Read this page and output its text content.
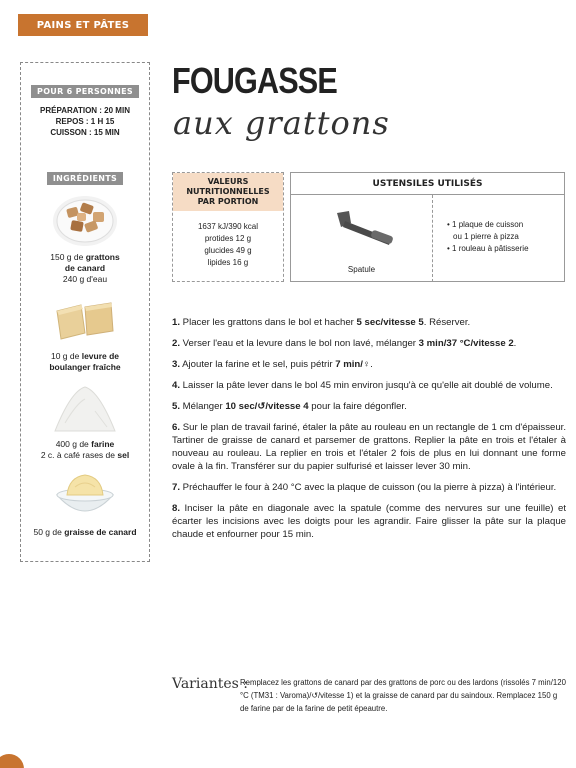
PAINS ET PÂTES
FOUGASSE
aux grattons
POUR 6 PERSONNES
PRÉPARATION : 20 MIN
REPOS : 1 H 15
CUISSON : 15 MIN
INGRÉDIENTS
150 g de grattons
de canard
240 g d'eau
10 g de levure de
boulanger fraîche
400 g de farine
2 c. à café rases de sel
50 g de graisse de canard
VALEURS
NUTRITIONNELLES
PAR PORTION
1637 kJ/390 kcal
protides 12 g
glucides 49 g
lipides 16 g
USTENSILES UTILISÉS
Spatule
• 1 plaque de cuisson
ou 1 pierre à pizza
• 1 rouleau à pâtisserie

1. Placer les grattons dans le bol et hacher 5 sec/vitesse 5. Réserver.

2. Verser l'eau et la levure dans le bol non lavé, mélanger 3 min/37 °C/vitesse 2.

3. Ajouter la farine et le sel, puis pétrir 7 min/♀.

4. Laisser la pâte lever dans le bol 45 min environ jusqu'à ce qu'elle ait doublé de volume.

5. Mélanger 10 sec/↺/vitesse 4 pour la faire dégonfler.

6. Sur le plan de travail fariné, étaler la pâte au rouleau en un rectangle de 1 cm d'épaisseur. Tartiner de graisse de canard et parsemer de grattons. Replier la pâte en trois et l'étaler à nouveau au rouleau. La replier en trois et l'étaler 2 fois de plus en lui donnant une forme ovale à la fin. Transférer sur du papier sulfurisé et laisser lever 30 min.

7. Préchauffer le four à 240 °C avec la plaque de cuisson (ou la pierre à pizza) à l'intérieur.

8. Inciser la pâte en diagonale avec la spatule (comme des nervures sur une feuille) et écarter les incisions avec les doigts pour les agrandir. Faire glisser la pâte sur la plaque chaude et enfourner pour 15 min.

Variantes :
Remplacez les grattons de canard par des grattons de porc ou des lardons (rissolés 7 min/120 °C (TM31 : Varoma)/↺/vitesse 1) et la graisse de canard par du saindoux. Remplacez 150 g de farine par de la farine de petit épeautre.
